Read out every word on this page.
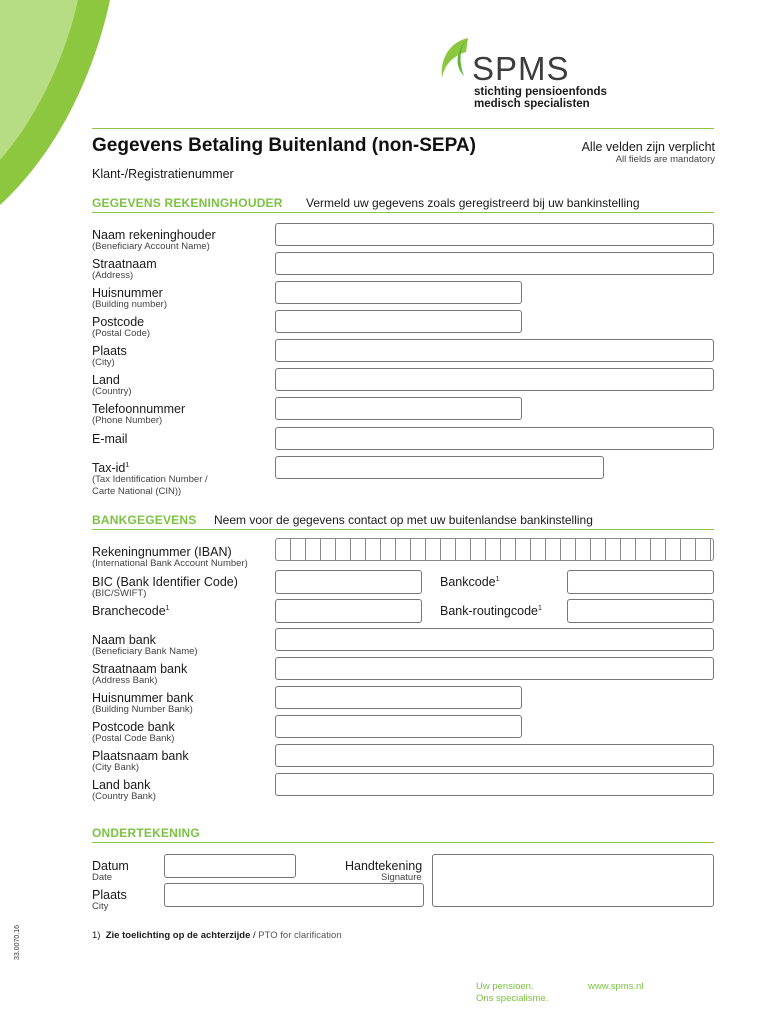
SPMS
stichting pensioenfonds
medisch specialisten
Gegevens Betaling Buitenland (non-SEPA)	Alle velden zijn verplicht
All fields are mandatory
Klant-/Registratienummer
GEGEVENS REKENINGHOUDER Vermeld uw gegevens zoals geregistreerd bij uw bankinstelling
Naam rekeninghouder
(Beneficiary Account Name)
Straatnaam
(Address)
Huisnummer
(Building number)
Postcode
(Postal Code)
Plaats
(City)
Land
(Country)
Telefoonnummer
(Phone Number)
E-mail
Tax-$id^1$
(Tax Identification Number /
Carte National (CIN))
BANKGEGEVENS Neem voor de gegevens contact op met uw buitenlandse bankinstelling
Rekeningnummer (IBAN)
(International Bank Account Number)
BIC (Bank Identifier Code)
(BIC/SWIFT)
Bankcode$^1$
Branchecode$^1$	Bank-routingcode$^1$
Naam bank
(Beneficiary Bank Name)
Straatnaam bank
(Address Bank)
Huisnummer bank
(Building Number Bank)
Postcode bank
(Postal Code Bank)
Plaatsnaam bank
(City Bank)
Land bank
(Country Bank)
ONDERTEKENING
Datum
Date
Plaats
City
Handtekening
Signature
1) Zie toelichting op de achterzijde / PTO for clarification
33.0070.16
Uw pensioen.
Ons specialisme.
www.spms.nl
